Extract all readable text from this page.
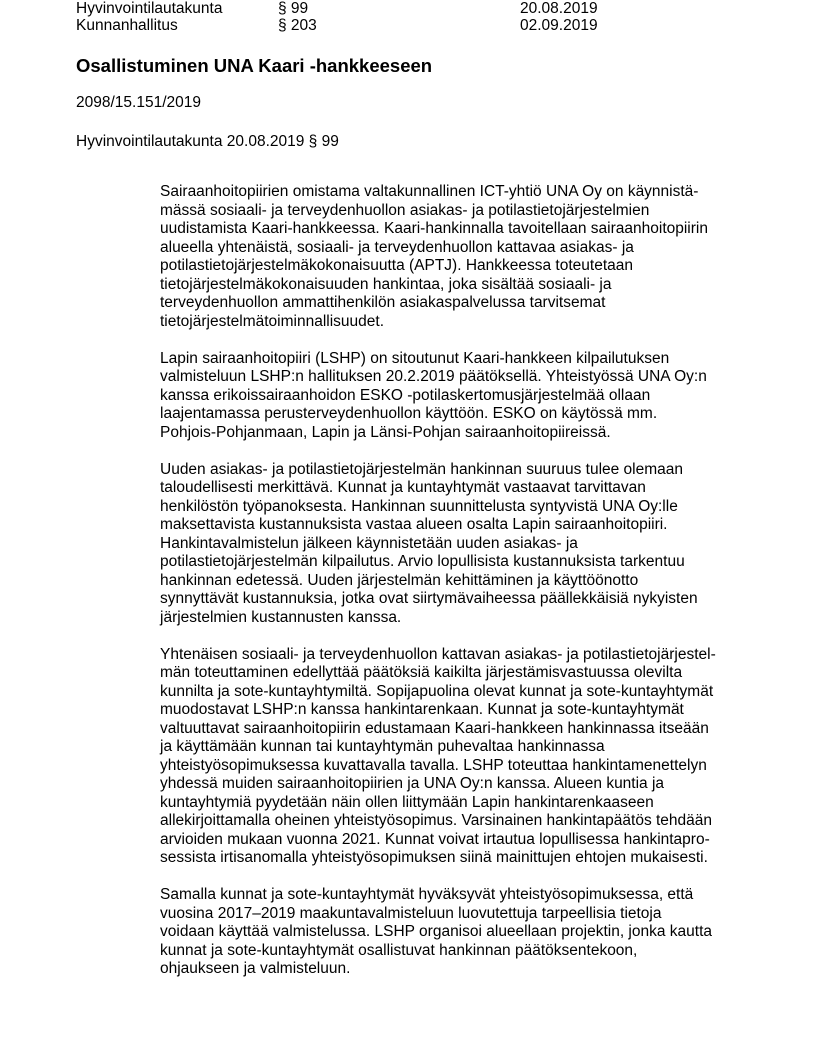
Hyvinvointilautakunta	§ 99	20.08.2019
Kunnanhallitus	§ 203	02.09.2019
Osallistuminen UNA Kaari -hankkeeseen
2098/15.151/2019
Hyvinvointilautakunta 20.08.2019 § 99
Sairaanhoitopiirien omistama valtakunnallinen ICT-yhtiö UNA Oy on käynnistä-
mässä sosiaali- ja terveydenhuollon asiakas- ja potilastietojärjestelmien
uudistamista Kaari-hankkeessa. Kaari-hankinnalla tavoitellaan sairaanhoitopiirin
alueella yhtenäistä, sosiaali- ja terveydenhuollon kattavaa asiakas- ja
potilastietojärjestelmäkokonaisuutta (APTJ). Hankkeessa toteutetaan
tietojärjestelmäkokonaisuuden hankintaa, joka sisältää sosiaali- ja
terveydenhuollon ammattihenkilön asiakaspalvelussa tarvitsemat
tietojärjestelmätoiminnallisuudet.
Lapin sairaanhoitopiiri (LSHP) on sitoutunut Kaari-hankkeen kilpailutuksen
valmisteluun LSHP:n hallituksen 20.2.2019 päätöksellä. Yhteistyössä UNA Oy:n
kanssa erikoissairaanhoidon ESKO -potilaskertomusjärjestelmää ollaan
laajentamassa perusterveydenhuollon käyttöön. ESKO on käytössä mm.
Pohjois-Pohjanmaan, Lapin ja Länsi-Pohjan sairaanhoitopiireissä.
Uuden asiakas- ja potilastietojärjestelmän hankinnan suuruus tulee olemaan
taloudellisesti merkittävä. Kunnat ja kuntayhtymät vastaavat tarvittavan
henkilöstön työpanoksesta. Hankinnan suunnittelusta syntyvistä UNA Oy:lle
maksettavista kustannuksista vastaa alueen osalta Lapin sairaanhoitopiiri.
Hankintavalmistelun jälkeen käynnistetään uuden asiakas- ja
potilastietojärjestelmän kilpailutus. Arvio lopullisista kustannuksista tarkentuu
hankinnan edetessä. Uuden järjestelmän kehittäminen ja käyttöönotto
synnyttävät kustannuksia, jotka ovat siirtymävaiheessa päällekkäisiä nykyisten
järjestelmien kustannusten kanssa.
Yhtenäisen sosiaali- ja terveydenhuollon kattavan asiakas- ja potilastietojärjestel-
män toteuttaminen edellyttää päätöksiä kaikilta järjestämisvastuussa olevilta
kunnilta ja sote-kuntayhtymiltä. Sopijapuolina olevat kunnat ja sote-kuntayhtymät
muodostavat LSHP:n kanssa hankintarenkaan. Kunnat ja sote-kuntayhtymät
valtuuttavat sairaanhoitopiirin edustamaan Kaari-hankkeen hankinnassa itseään
ja käyttämään kunnan tai kuntayhtymän puhevaltaa hankinnassa
yhteistyösopimuksessa kuvattavalla tavalla. LSHP toteuttaa hankintamenettelyn
yhdessä muiden sairaanhoitopiirien ja UNA Oy:n kanssa. Alueen kuntia ja
kuntayhtymiä pyydetään näin ollen liittymään Lapin hankintarenkaaseen
allekirjoittamalla oheinen yhteistyösopimus. Varsinainen hankintapäätös tehdään
arvioiden mukaan vuonna 2021. Kunnat voivat irtautua lopullisessa hankintapro-
sessista irtisanomalla yhteistyösopimuksen siinä mainittujen ehtojen mukaisesti.
Samalla kunnat ja sote-kuntayhtymät hyväksyvät yhteistyösopimuksessa, että
vuosina 2017–2019 maakuntavalmisteluun luovutettuja tarpeellisia tietoja
voidaan käyttää valmistelussa. LSHP organisoi alueellaan projektin, jonka kautta
kunnat ja sote-kuntayhtymät osallistuvat hankinnan päätöksentekoon,
ohjaukseen ja valmisteluun.
